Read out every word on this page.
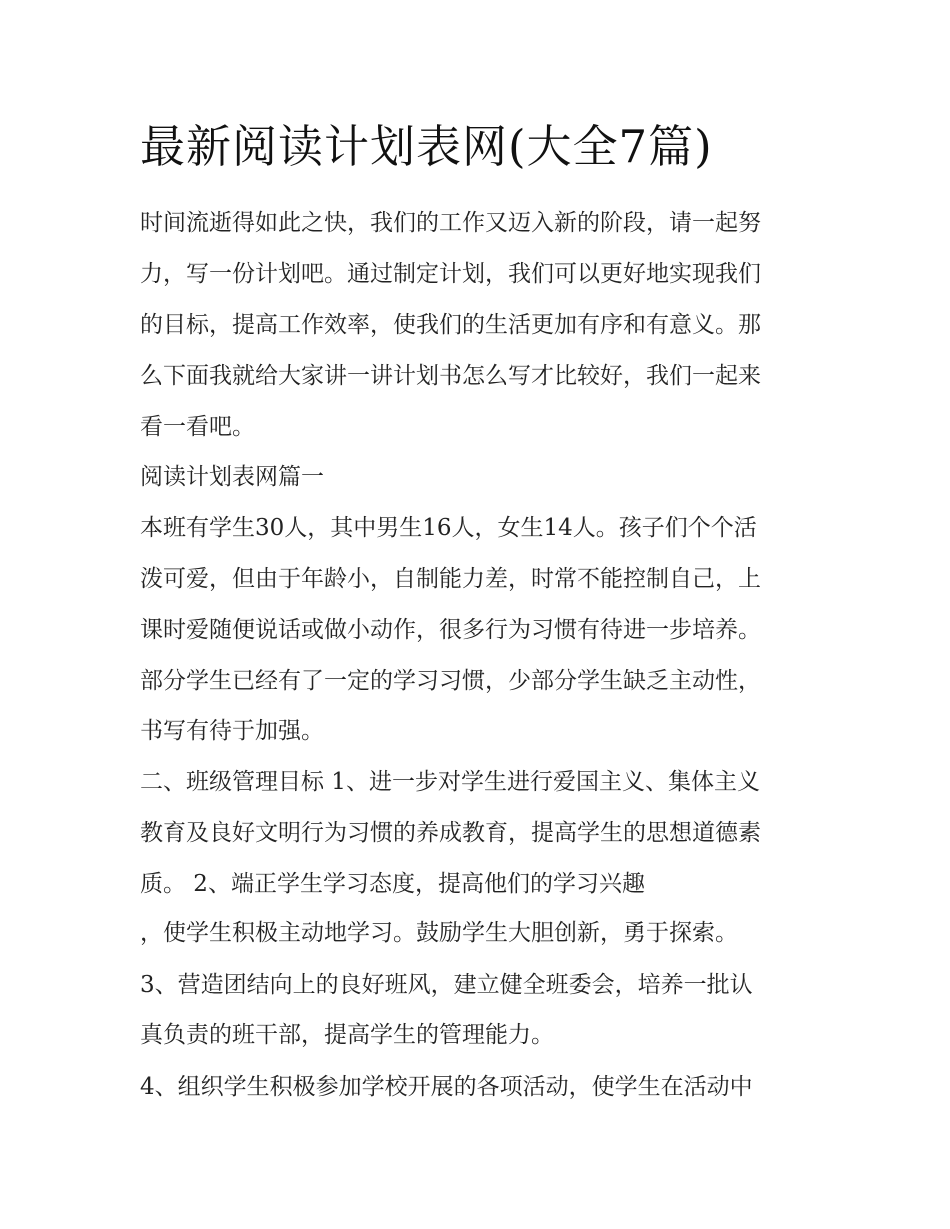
最新阅读计划表网(大全7篇)

时间流逝得如此之快，我们的工作又迈入新的阶段，请一起努

力，写一份计划吧。通过制定计划，我们可以更好地实现我们

的目标，提高工作效率，使我们的生活更加有序和有意义。那

么下面我就给大家讲一讲计划书怎么写才比较好，我们一起来

看一看吧。

阅读计划表网篇一

本班有学生30人，其中男生16人，女生14人。孩子们个个活

泼可爱，但由于年龄小，自制能力差，时常不能控制自己，上

课时爱随便说话或做小动作，很多行为习惯有待进一步培养。

部分学生已经有了一定的学习习惯，少部分学生缺乏主动性，

书写有待于加强。

二、班级管理目标 1、进一步对学生进行爱国主义、集体主义

教育及良好文明行为习惯的养成教育，提高学生的思想道德素

质。 2、端正学生学习态度，提高他们的学习兴趣

，使学生积极主动地学习。鼓励学生大胆创新，勇于探索。

3、营造团结向上的良好班风，建立健全班委会，培养一批认

真负责的班干部，提高学生的管理能力。

4、组织学生积极参加学校开展的各项活动，使学生在活动中
